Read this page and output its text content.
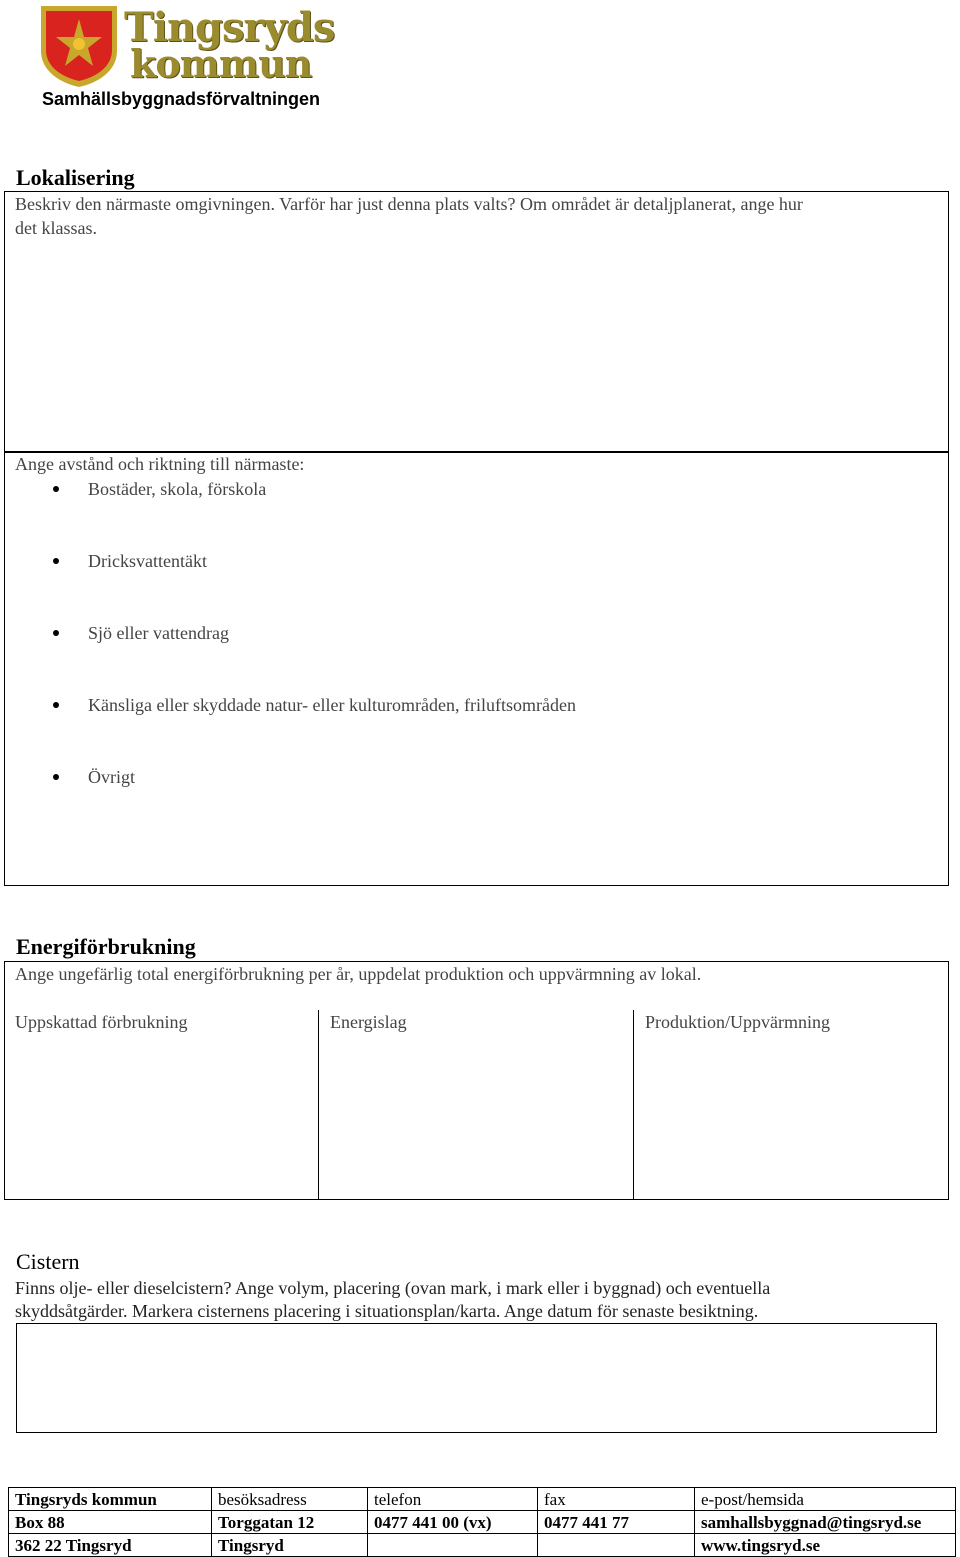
Tingsryds
kommun
Samhällsbyggnadsförvaltningen
Lokalisering
Beskriv den närmaste omgivningen. Varför har just denna plats valts? Om området är detaljplanerat, ange hur
det klassas.
Ange avstånd och riktning till närmaste:
Bostäder, skola, förskola
Dricksvattentäkt
Sjö eller vattendrag
Känsliga eller skyddade natur- eller kulturområden, friluftsområden
Övrigt
Energiförbrukning
Ange ungefärlig total energiförbrukning per år, uppdelat produktion och uppvärmning av lokal.
Uppskattad förbrukning	Energislag	Produktion/Uppvärmning
Cistern
Finns olje- eller dieselcistern? Ange volym, placering (ovan mark, i mark eller i byggnad) och eventuella
skyddsåtgärder. Markera cisternens placering i situationsplan/karta. Ange datum för senaste besiktning.
Tingsryds kommun	besöksadress	telefon	fax	e-post/hemsida
Box 88	Torggatan 12	0477 441 00 (vx)	0477 441 77	samhallsbyggnad@tingsryd.se
362 22 Tingsryd	Tingsryd			www.tingsryd.se
